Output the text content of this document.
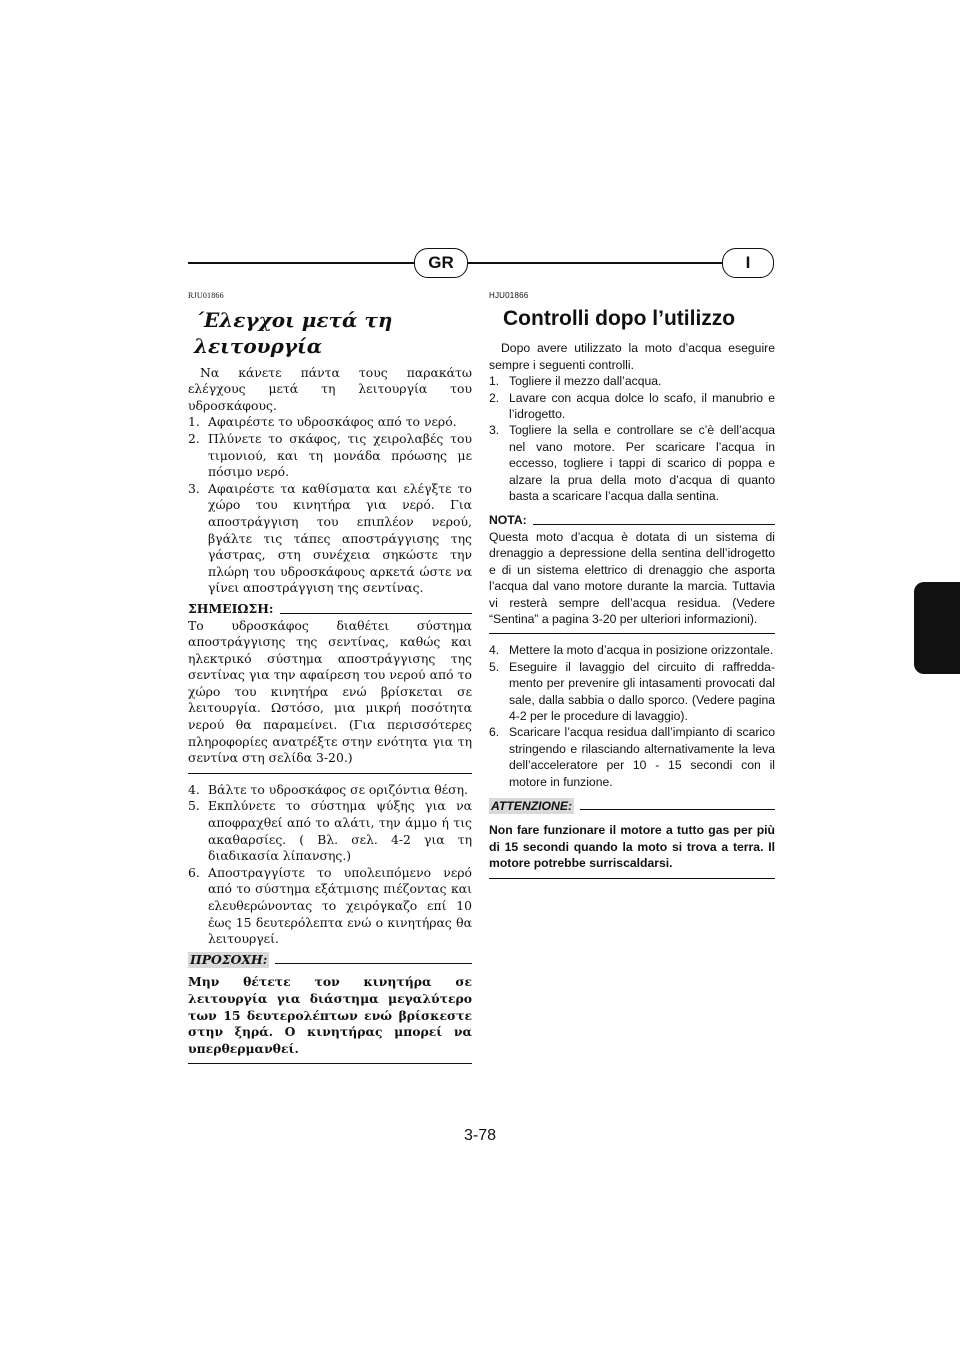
GR	I
RJU01866
΄Ελεγχοι μετά τη λειτουργία

Να κάνετε πάντα τους παρακάτω ελέγχους μετά τη λειτουργία του υδροσκάφους.

1. Αφαιρέστε το υδροσκάφος από το νερό.
2. Πλύνετε το σκάφος, τις χειρολαβές του τιμονιού, και τη μονάδα πρόωσης με πόσιμο νερό.
3. Αφαιρέστε τα καθίσματα και ελέγξτε το χώρο του κινητήρα για νερό. Για αποστράγγιση του επιπλέον νερού, βγάλτε τις τάπες αποστράγγισης της γάστρας, στη συνέχεια σηκώστε την πλώρη του υδροσκάφους αρκετά ώστε να γίνει αποστράγγιση της σεντίνας.
ΣΗΜΕΙΩΣΗ:

Το υδροσκάφος διαθέτει σύστημα αποστράγγισης της σεντίνας, καθώς και ηλεκτρικό σύστημα αποστράγγισης της σεντίνας για την αφαίρεση του νερού από το χώρο του κινητήρα ενώ βρίσκεται σε λειτουργία. Ωστόσο, μια μικρή ποσότητα νερού θα παραμείνει. (Για περισσότερες πληροφορίες ανατρέξτε στην ενότητα για τη σεντίνα στη σελίδα 3-20.)

4. Βάλτε το υδροσκάφος σε οριζόντια θέση.
5. Εκπλύνετε το σύστημα ψύξης για να αποφραχθεί από το αλάτι, την άμμο ή τις ακαθαρσίες. ( Βλ. σελ. 4-2 για τη διαδικασία λίπανσης.)
6. Αποστραγγίστε το υπολειπόμενο νερό από το σύστημα εξάτμισης πιέζοντας και ελευθερώνοντας το χειρόγκαζο επί 10 έως 15 δευτερόλεπτα ενώ ο κινητήρας θα λειτουργεί.
ΠΡΟΣΟΧΗ:

Μην θέτετε τον κινητήρα σε λειτουργία για διάστημα μεγαλύτερο των 15 δευτερολέπτων ενώ βρίσκεστε στην ξηρά. Ο κινητήρας μπορεί να υπερθερμανθεί.

HJU01866
Controlli dopo l’utilizzo

Dopo avere utilizzato la moto d’acqua eseguire sempre i seguenti controlli.

1. Togliere il mezzo dall’acqua.
2. Lavare con acqua dolce lo scafo, il manubrio e l’idrogetto.
3. Togliere la sella e controllare se c’è dell’acqua nel vano motore. Per scaricare l’acqua in eccesso, togliere i tappi di scarico di poppa e alzare la prua della moto d’acqua di quanto basta a scaricare l’acqua dalla sentina.
NOTA:

Questa moto d’acqua è dotata di un sistema di drenaggio a depressione della sentina dell’idrogetto e di un sistema elettrico di drenaggio che asporta l’acqua dal vano motore durante la marcia. Tuttavia vi resterà sempre dell’acqua residua. (Vedere “Sentina” a pagina 3-20 per ulteriori informazioni).

4. Mettere la moto d’acqua in posizione orizzontale.
5. Eseguire il lavaggio del circuito di raffreddamento per prevenire gli intasamenti provocati dal sale, dalla sabbia o dallo sporco. (Vedere pagina 4-2 per le procedure di lavaggio).
6. Scaricare l’acqua residua dall’impianto di scarico stringendo e rilasciando alternativamente la leva dell’acceleratore per 10 - 15 secondi con il motore in funzione.
ATTENZIONE:

Non fare funzionare il motore a tutto gas per più di 15 secondi quando la moto si trova a terra. Il motore potrebbe surriscaldarsi.

3-78
